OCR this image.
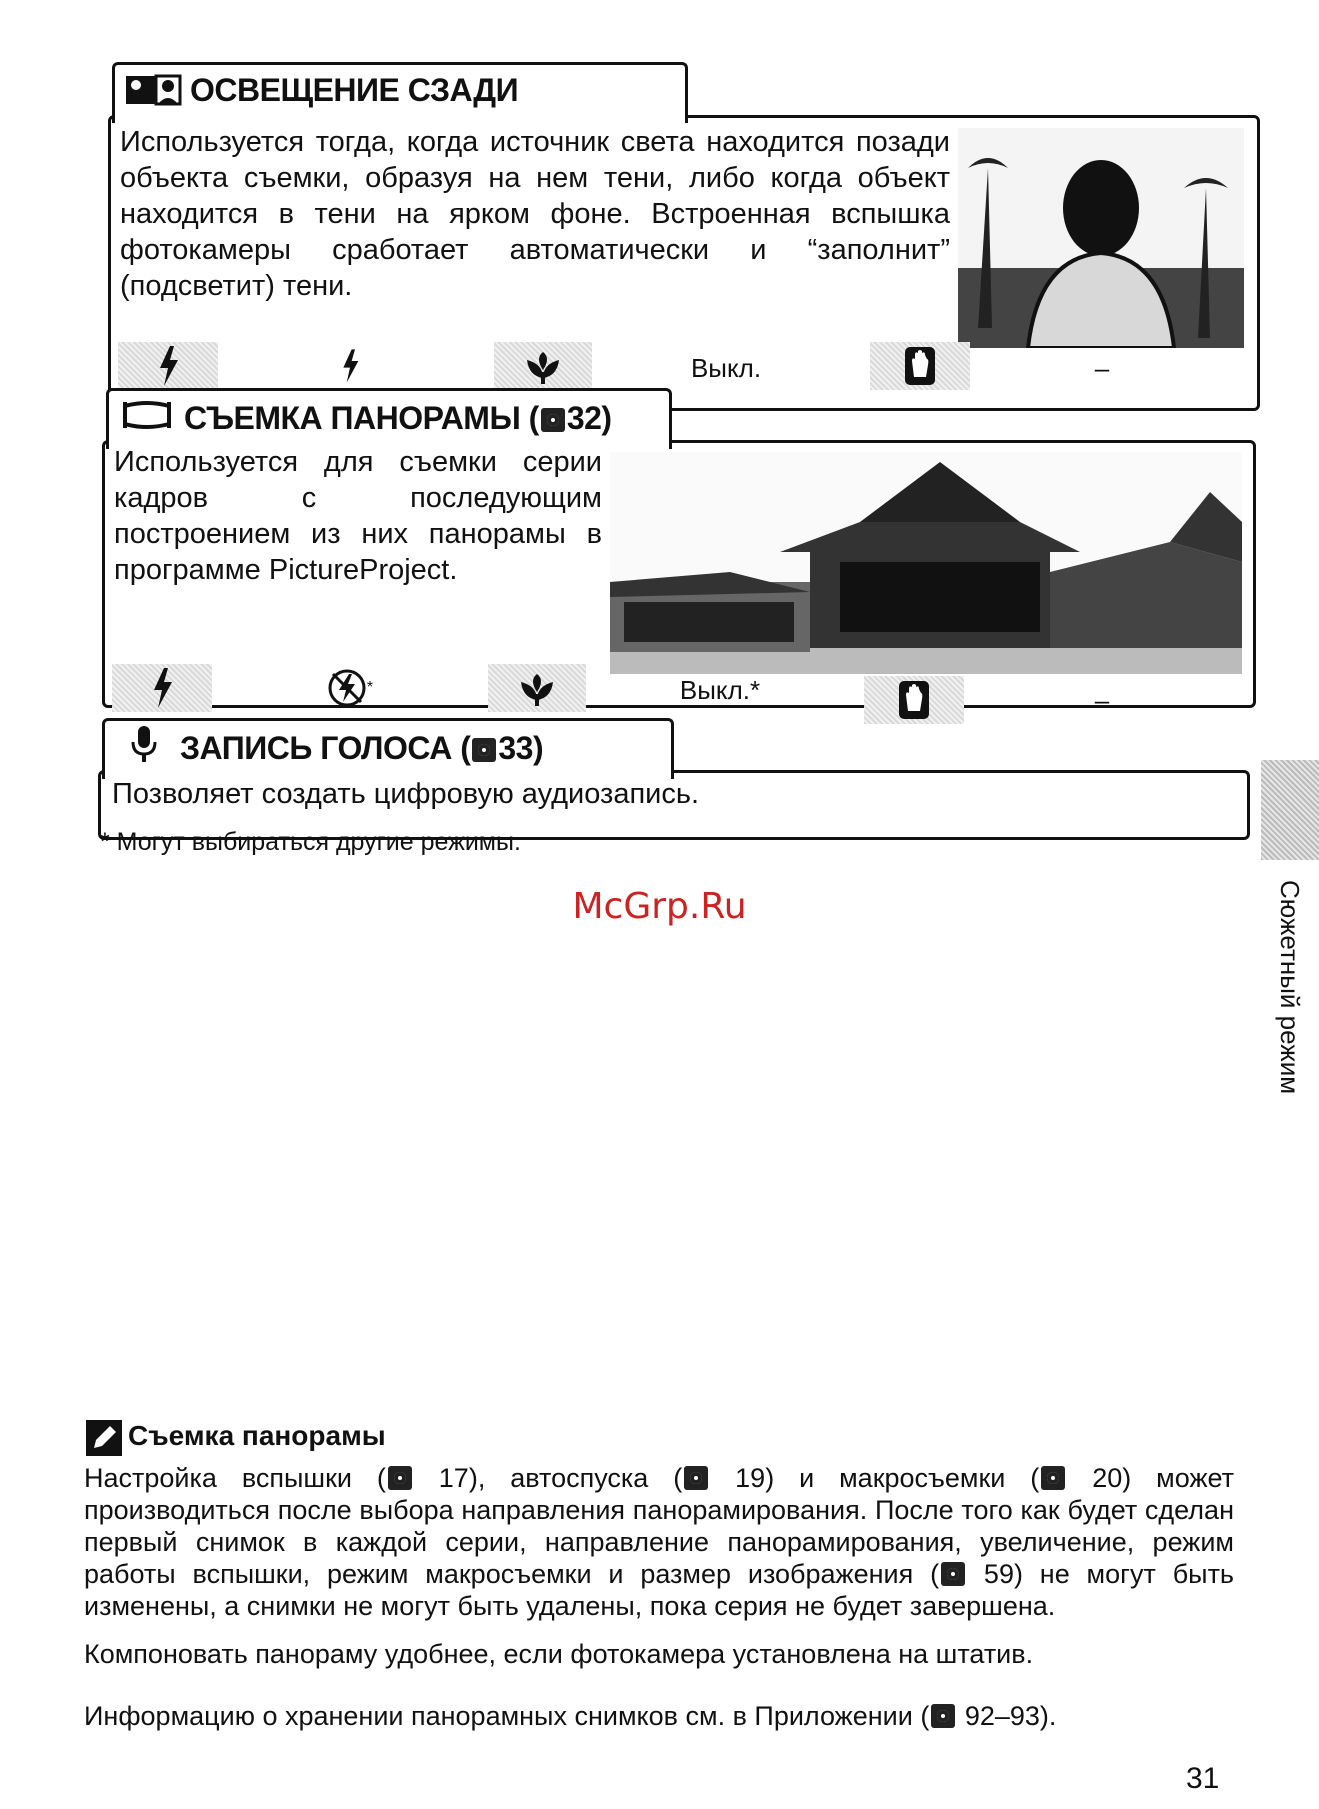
ОСВЕЩЕНИЕ СЗАДИ
Используется тогда, когда источник света находится позади объекта съемки, образуя на нем тени, либо когда объект находится в тени на ярком фоне. Встроенная вспышка фотокамеры сработает автоматически и “заполнит” (подсветит) тени.
Выкл.	–
СЪЕМКА ПАНОРАМЫ ( 32)
Используется для съемки серии кадров с последующим построением из них панорамы в программе PictureProject.
*	Выкл.*	–
ЗАПИСЬ ГОЛОСА ( 33)
Позволяет создать цифровую аудиозапись.
* Могут выбираться другие режимы.
McGrp.Ru	Сюжетный режим
Съемка панорамы
Настройка вспышки ( 17), автоспуска ( 19) и макросъемки ( 20) может производиться после выбора направления панорамирования. После того как будет сделан первый снимок в каждой серии, направление панорамирования, увеличение, режим работы вспышки, режим макросъемки и размер изображения ( 59) не могут быть изменены, а снимки не могут быть удалены, пока серия не будет завершена.
Компоновать панораму удобнее, если фотокамера установлена на штатив.
Информацию о хранении панорамных снимков см. в Приложении ( 92–93).
31
